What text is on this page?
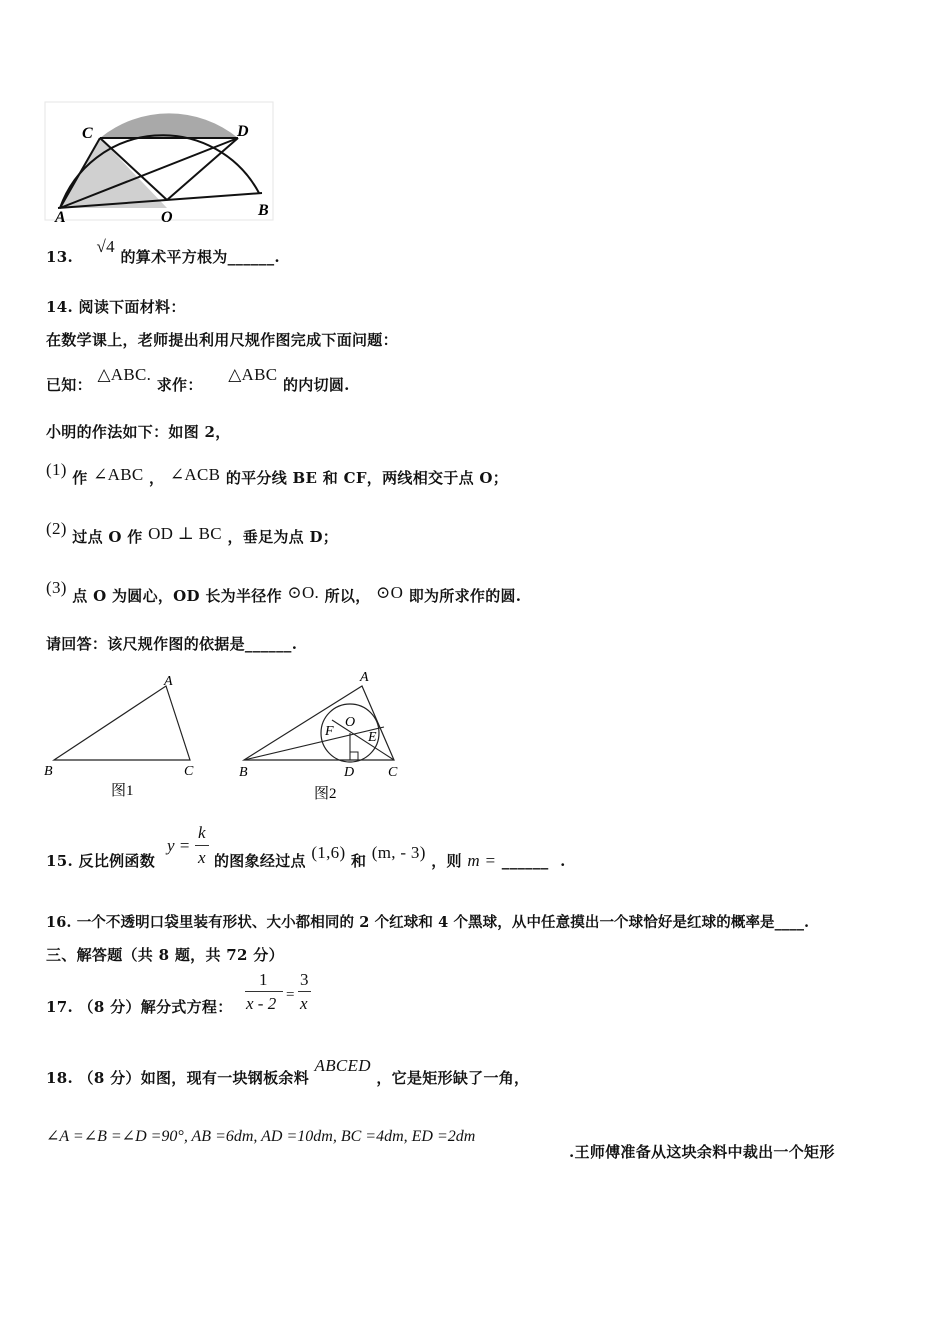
C	D
A	O	B
13. √4 的算术平方根为______.
14. 阅读下面材料：
在数学课上，老师提出利用尺规作图完成下面问题：
已知： △ABC. 求作： △ABC 的内切圆.
小明的作法如下：如图 2，
(1) 作 ∠ABC ， ∠ACB 的平分线 BE 和 CF，两线相交于点 O；
(2) 过点 O 作 OD ⊥ BC ，垂足为点 D；
(3) 点 O 为圆心，OD 长为半径作 ⊙O. 所以， ⊙O 即为所求作的圆.
请回答：该尺规作图的依据是______.
A
B	C
图1
A
O
F E
B	D C
图2
15. 反比例函数
y =
k
x 的图象经过点 (1,6) 和 (m, - 3) ，则 m = ______ .
16. 一个不透明口袋里装有形状、大小都相同的 2 个红球和 4 个黑球，从中任意摸出一个球恰好是红球的概率是____.
三、解答题（共 8 题，共 72 分）
17. （8 分）解分式方程：
1
x - 2 =
3
x
18. （8 分）如图，现有一块钢板余料 ABCED ，它是矩形缺了一角，
∠A =∠B =∠D =90°, AB =6dm, AD =10dm, BC =4dm, ED =2dm
.王师傅准备从这块余料中裁出一个矩形
